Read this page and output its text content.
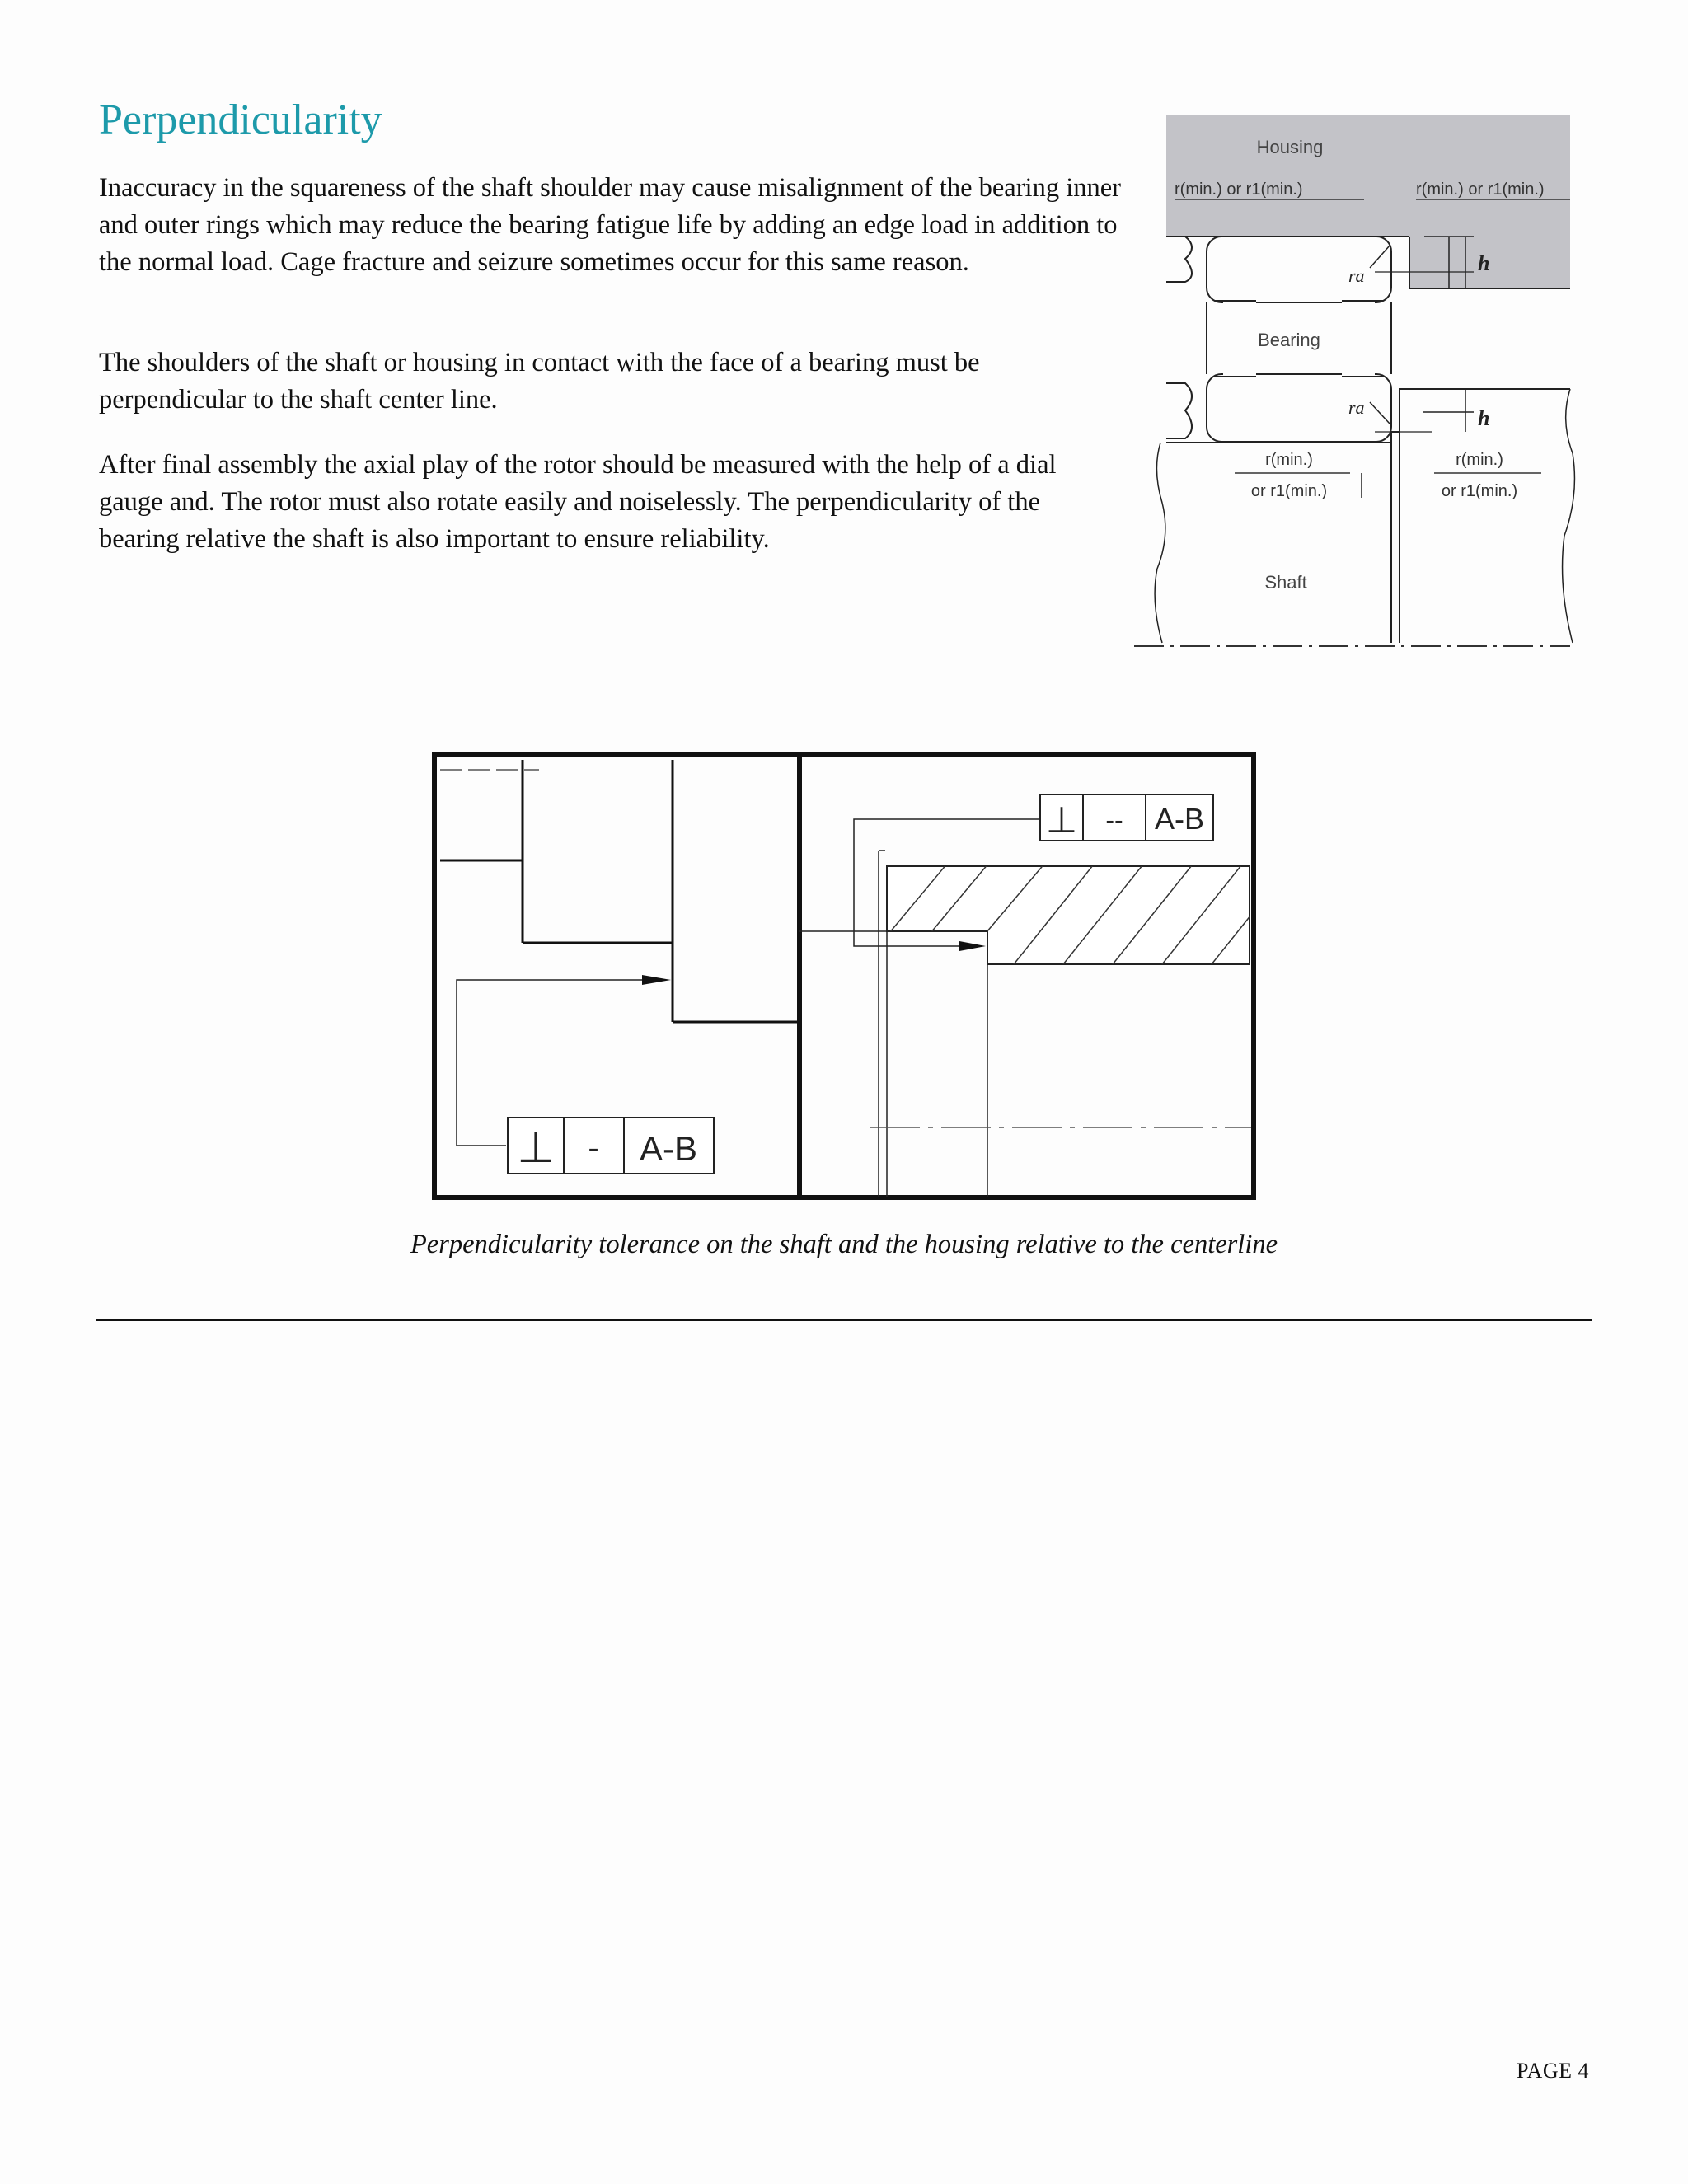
Perpendicularity

Inaccuracy in the squareness of the shaft shoulder may cause misalignment of the bearing inner and outer rings which may reduce the bearing fatigue life by adding an edge load in addition to the normal load. Cage fracture and seizure sometimes occur for this same reason.

The shoulders of the shaft or housing in contact with the face of a bearing must be perpendicular to the shaft center line.

After final assembly the axial play of the rotor should be measured with the help of a dial gauge and. The rotor must also rotate easily and noiselessly. The perpendicularity of the bearing relative the shaft is also important to ensure reliability.

Housing
r(min.) or r1(min.)	r(min.) or r1(min.)
Bearing
ra
ra
h
h
r(min.)
or r1(min.)
r(min.)
or r1(min.)
Shaft
⊥ - A-B
⊥ -- A-B

Perpendicularity tolerance on the shaft and the housing relative to the centerline

PAGE 4
